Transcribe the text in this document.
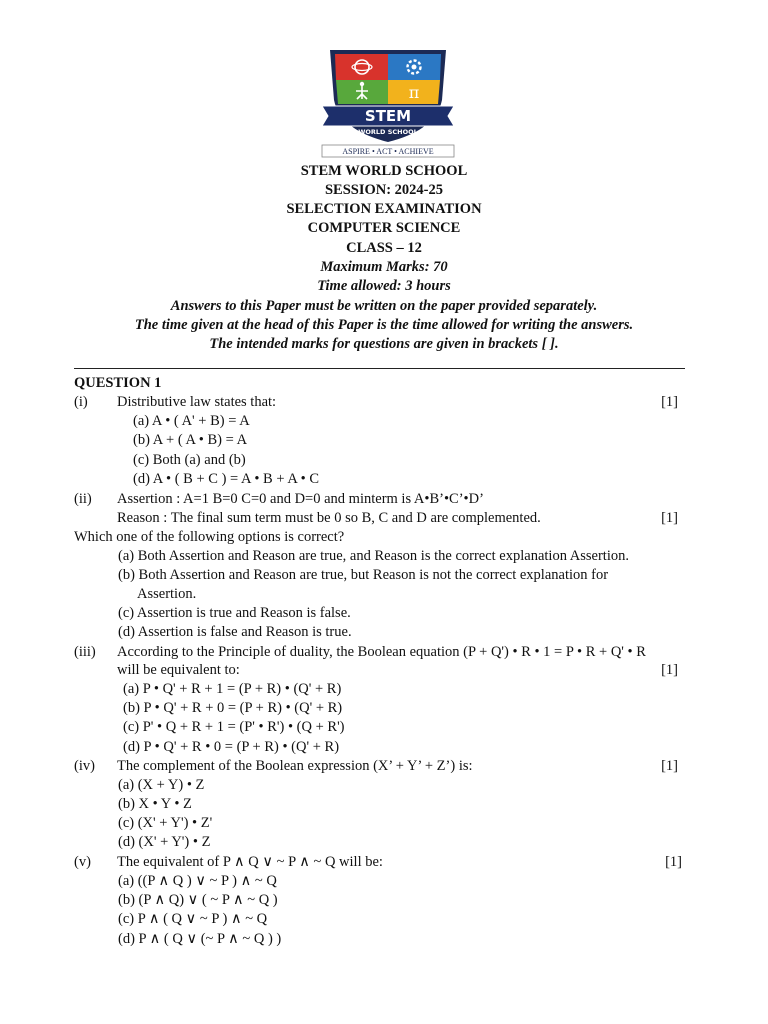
π
STEM
WORLD SCHOOL
ASPIRE • ACT • ACHIEVE
STEM WORLD SCHOOL
SESSION: 2024-25
SELECTION EXAMINATION
COMPUTER SCIENCE
CLASS – 12
Maximum Marks: 70
Time allowed: 3 hours
Answers to this Paper must be written on the paper provided separately.
The time given at the head of this Paper is the time allowed for writing the answers.
The intended marks for questions are given in brackets [ ].
QUESTION 1
(i) Distributive law states that:	[1]
(a) A • ( A' + B) = A
(b) A + ( A • B) = A
(c) Both (a) and (b)
(d) A • ( B + C ) = A • B + A • C
(ii) Assertion : A=1 B=0 C=0 and D=0 and minterm is A•B’•C’•D’
Reason : The final sum term must be 0 so B, C and D are complemented.	[1]
Which one of the following options is correct?
(a) Both Assertion and Reason are true, and Reason is the correct explanation Assertion.
(b) Both Assertion and Reason are true, but Reason is not the correct explanation for
Assertion.
(c) Assertion is true and Reason is false.
(d) Assertion is false and Reason is true.
(iii) According to the Principle of duality, the Boolean equation (P + Q') • R • 1 = P • R + Q' • R
will be equivalent to:	[1]
(a) P • Q' + R + 1 = (P + R) • (Q' + R)
(b) P • Q' + R + 0 = (P + R) • (Q' + R)
(c) P' • Q + R + 1 = (P' • R') • (Q + R')
(d) P • Q' + R • 0 = (P + R) • (Q' + R)
(iv) The complement of the Boolean expression (X’ + Y’ + Z’) is:	[1]
(a) (X + Y) • Z
(b) X • Y • Z
(c) (X' + Y') • Z'
(d) (X' + Y') • Z
(v) The equivalent of P ∧ Q ∨ ~ P ∧ ~ Q will be:	[1]
(a) ((P ∧ Q ) ∨ ~ P ) ∧ ~ Q
(b) (P ∧ Q) ∨ ( ~ P ∧ ~ Q )
(c) P ∧ ( Q ∨ ~ P ) ∧ ~ Q
(d) P ∧ ( Q ∨ (~ P ∧ ~ Q ) )
